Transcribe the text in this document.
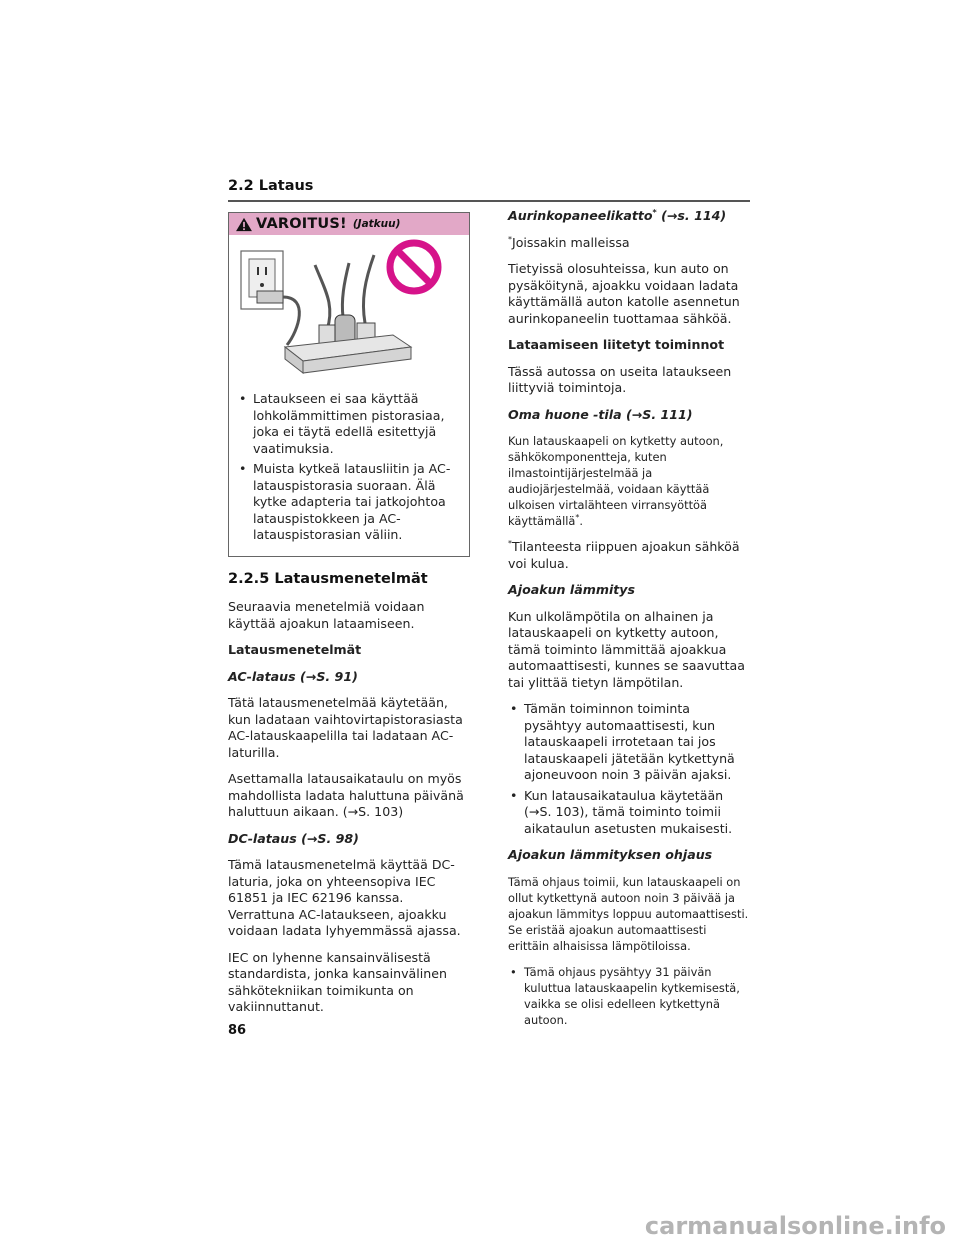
2.2 Lataus
VAROITUS! (Jatkuu)
• Lataukseen ei saa käyttää lohkolämmittimen pistorasiaa, joka ei täytä edellä esitettyjä vaatimuksia.
• Muista kytkeä latausliitin ja AC-latauspistorasia suoraan. Älä kytke adapteria tai jatkojohtoa latauspistokkeen ja AC-latauspistorasian väliin.
2.2.5 Latausmenetelmät

Seuraavia menetelmiä voidaan käyttää ajoakun lataamiseen.

Latausmenetelmät

AC-lataus (→S. 91)

Tätä latausmenetelmää käytetään, kun ladataan vaihtovirtapistorasiasta AC-latauskaapelilla tai ladataan AC-laturilla.

Asettamalla latausaikataulu on myös mahdollista ladata haluttuna päivänä haluttuun aikaan. (→S. 103)

DC-lataus (→S. 98)

Tämä latausmenetelmä käyttää DC-laturia, joka on yhteensopiva IEC 61851 ja IEC 62196 kanssa. Verrattuna AC-lataukseen, ajoakku voidaan ladata lyhyemmässä ajassa.

IEC on lyhenne kansainvälisestä standardista, jonka kansainvälinen sähkötekniikan toimikunta on vakiinnuttanut.

Aurinkopaneelikatto* (→s. 114)

*Joissakin malleissa

Tietyissä olosuhteissa, kun auto on pysäköitynä, ajoakku voidaan ladata käyttämällä auton katolle asennetun aurinkopaneelin tuottamaa sähköä.

Lataamiseen liitetyt toiminnot

Tässä autossa on useita lataukseen liittyviä toimintoja.

Oma huone -tila (→S. 111)

Kun latauskaapeli on kytketty autoon, sähkökomponentteja, kuten ilmastointijärjestelmää ja audiojärjestelmää, voidaan käyttää ulkoisen virtalähteen virransyöttöä käyttämällä*.

*Tilanteesta riippuen ajoakun sähköä voi kulua.

Ajoakun lämmitys

Kun ulkolämpötila on alhainen ja latauskaapeli on kytketty autoon, tämä toiminto lämmittää ajoakkua automaattisesti, kunnes se saavuttaa tai ylittää tietyn lämpötilan.

• Tämän toiminnon toiminta pysähtyy automaattisesti, kun latauskaapeli irrotetaan tai jos latauskaapeli jätetään kytkettynä ajoneuvoon noin 3 päivän ajaksi.
• Kun latausaikataulua käytetään (→S. 103), tämä toiminto toimii aikataulun asetusten mukaisesti.

Ajoakun lämmityksen ohjaus

Tämä ohjaus toimii, kun latauskaapeli on ollut kytkettynä autoon noin 3 päivää ja ajoakun lämmitys loppuu automaattisesti. Se eristää ajoakun automaattisesti erittäin alhaisissa lämpötiloissa.

• Tämä ohjaus pysähtyy 31 päivän kuluttua latauskaapelin kytkemisestä, vaikka se olisi edelleen kytkettynä autoon.
86
carmanualsonline.info
